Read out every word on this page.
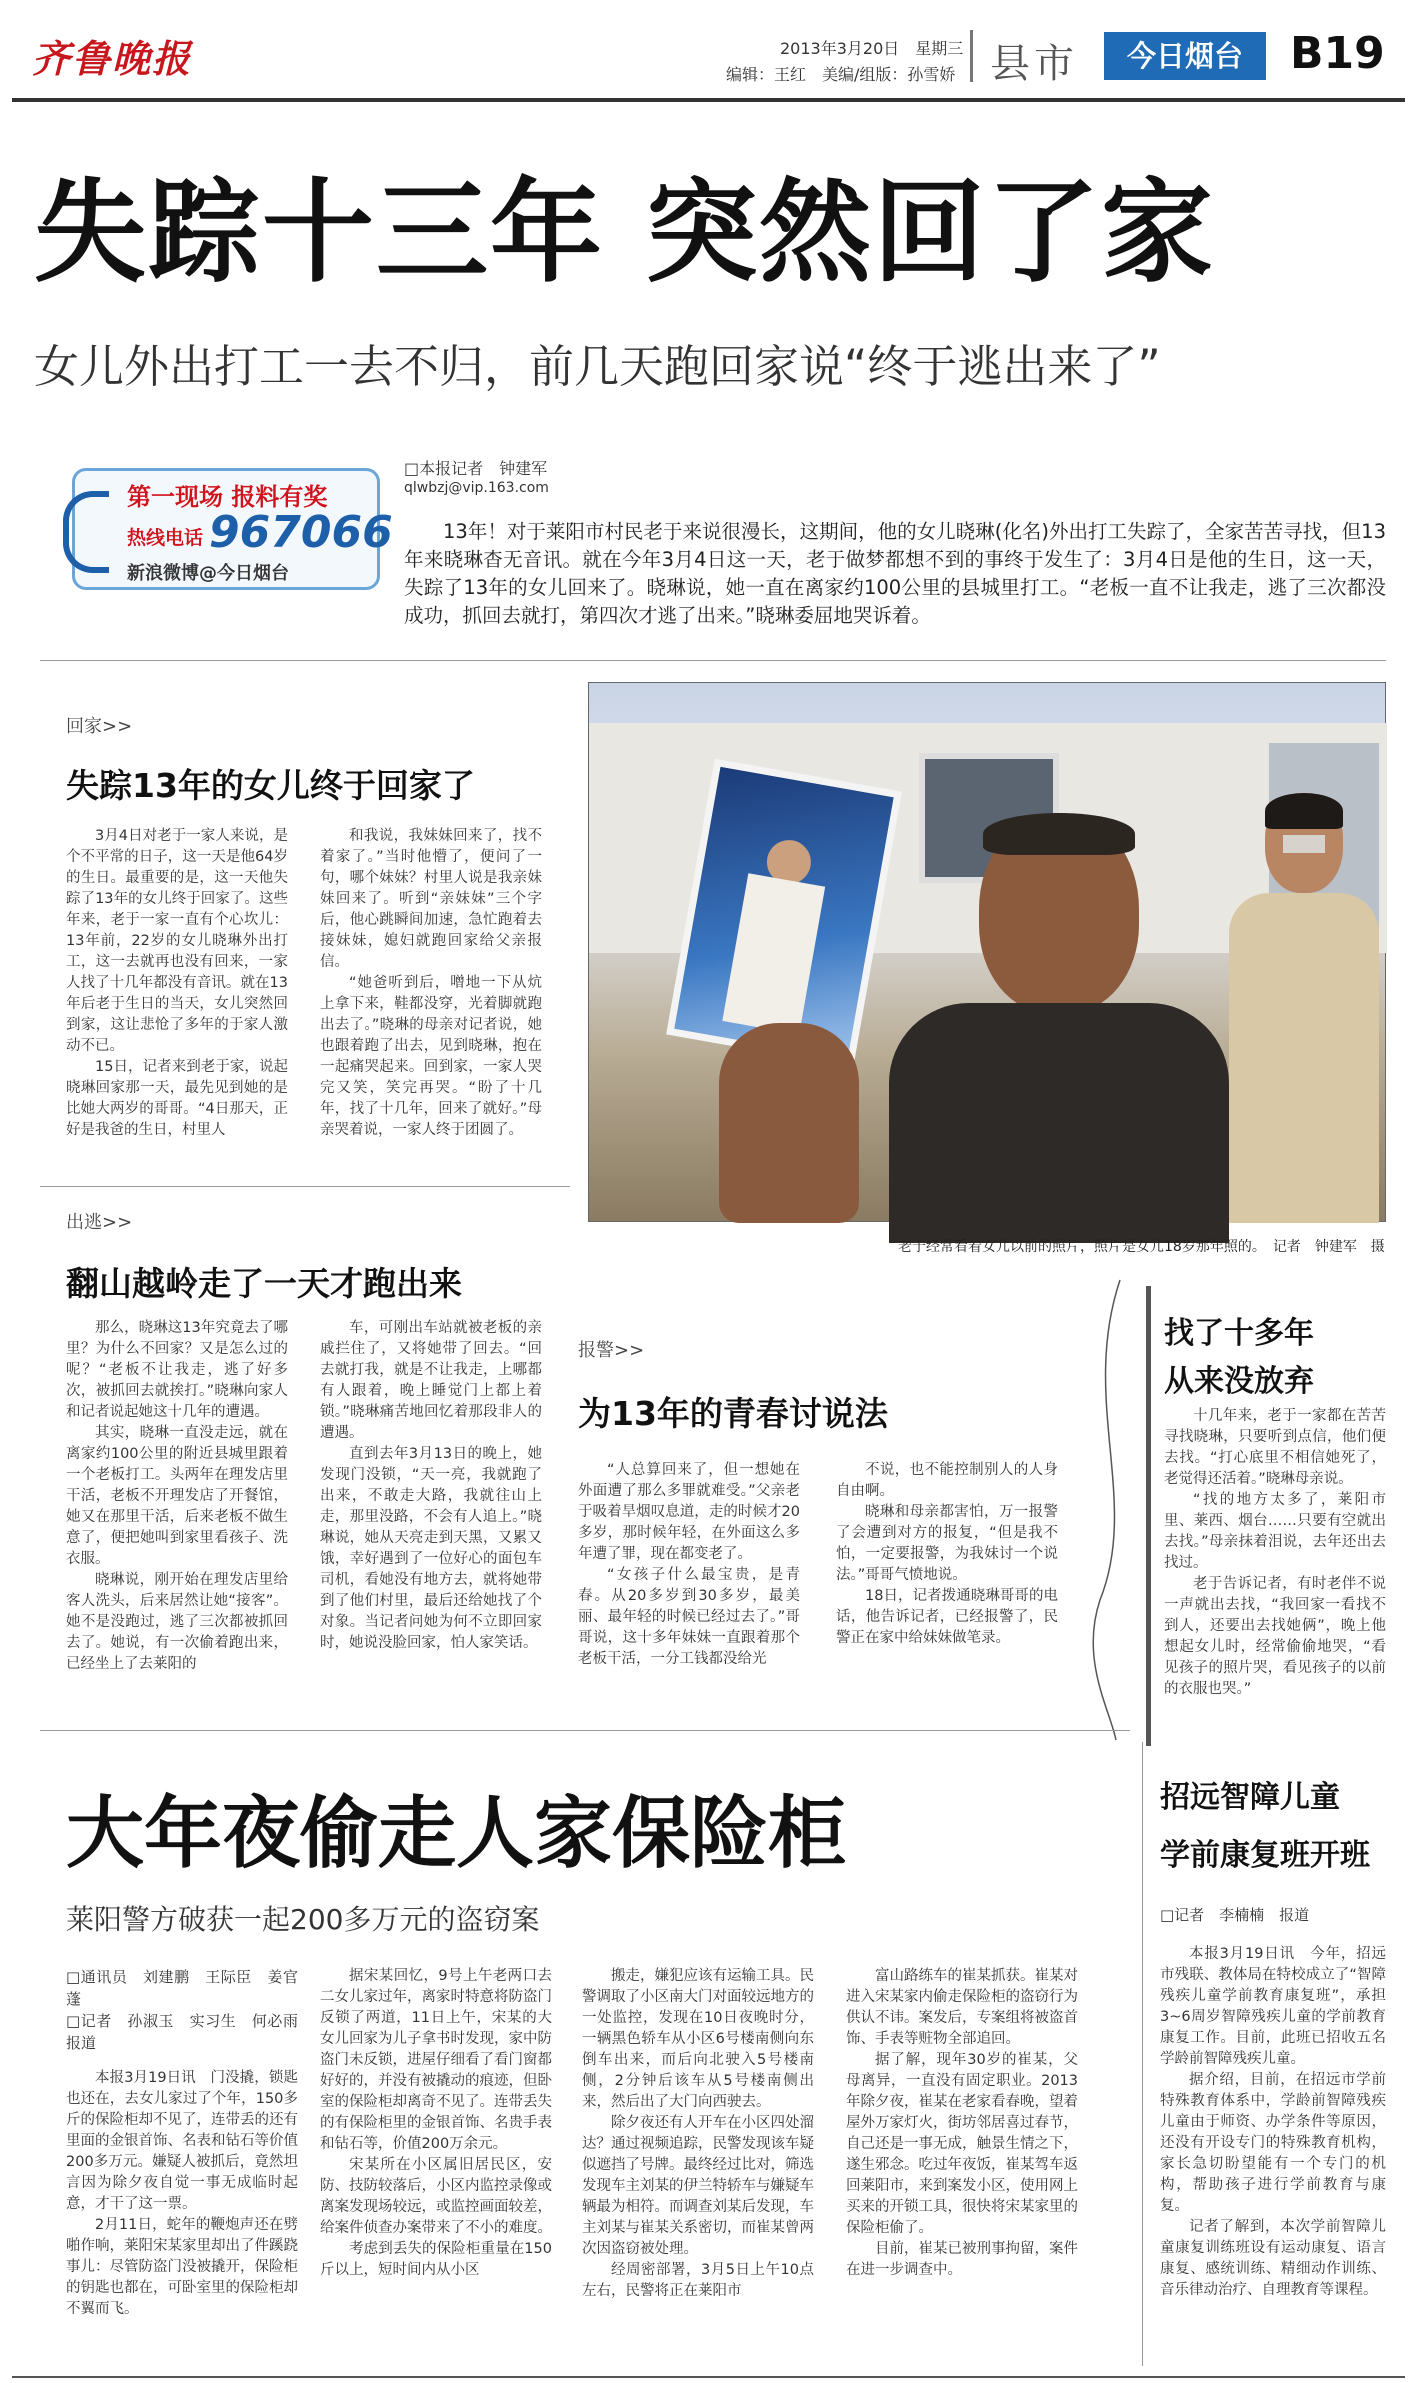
齐鲁晚报	2013年3月20日　星期三
编辑：王红　美编/组版：孙雪娇 县市	今日烟台	B19
失踪十三年 突然回了家
女儿外出打工一去不归，前几天跑回家说“终于逃出来了”
第一现场 报料有奖
热线电话 967066
新浪微博@今日烟台
□本报记者　钟建军
qlwbzj@vip.163.com
13年！对于莱阳市村民老于来说很漫长，这期间，他的女儿晓琳(化名)外出打工失踪了，全家苦苦寻找，但13年来晓琳杳无音讯。就在今年3月4日这一天，老于做梦都想不到的事终于发生了：3月4日是他的生日，这一天，失踪了13年的女儿回来了。晓琳说，她一直在离家约100公里的县城里打工。“老板一直不让我走，逃了三次都没成功，抓回去就打，第四次才逃了出来。”晓琳委屈地哭诉着。
回家>>
失踪13年的女儿终于回家了

3月4日对老于一家人来说，是个不平常的日子，这一天是他64岁的生日。最重要的是，这一天他失踪了13年的女儿终于回家了。这些年来，老于一家一直有个心坎儿：13年前，22岁的女儿晓琳外出打工，这一去就再也没有回来，一家人找了十几年都没有音讯。就在13年后老于生日的当天，女儿突然回到家，这让悲怆了多年的于家人激动不已。

15日，记者来到老于家，说起晓琳回家那一天，最先见到她的是比她大两岁的哥哥。“4日那天，正好是我爸的生日，村里人

和我说，我妹妹回来了，找不着家了。”当时他懵了，便问了一句，哪个妹妹？村里人说是我亲妹妹回来了。听到“亲妹妹”三个字后，他心跳瞬间加速，急忙跑着去接妹妹，媳妇就跑回家给父亲报信。

“她爸听到后，噌地一下从炕上拿下来，鞋都没穿，光着脚就跑出去了。”晓琳的母亲对记者说，她也跟着跑了出去，见到晓琳，抱在一起痛哭起来。回到家，一家人哭完又笑，笑完再哭。“盼了十几年，找了十几年，回来了就好。”母亲哭着说，一家人终于团圆了。

老于经常看着女儿以前的照片，照片是女儿18岁那年照的。　记者　钟建军　摄
出逃>>
翻山越岭走了一天才跑出来

那么，晓琳这13年究竟去了哪里？为什么不回家？又是怎么过的呢？“老板不让我走，逃了好多次，被抓回去就挨打。”晓琳向家人和记者说起她这十几年的遭遇。

其实，晓琳一直没走远，就在离家约100公里的附近县城里跟着一个老板打工。头两年在理发店里干活，老板不开理发店了开餐馆，她又在那里干活，后来老板不做生意了，便把她叫到家里看孩子、洗衣服。

晓琳说，刚开始在理发店里给客人洗头，后来居然让她“接客”。她不是没跑过，逃了三次都被抓回去了。她说，有一次偷着跑出来，已经坐上了去莱阳的

车，可刚出车站就被老板的亲戚拦住了，又将她带了回去。“回去就打我，就是不让我走，上哪都有人跟着，晚上睡觉门上都上着锁。”晓琳痛苦地回忆着那段非人的遭遇。

直到去年3月13日的晚上，她发现门没锁，“天一亮，我就跑了出来，不敢走大路，我就往山上走，那里没路，不会有人追上。”晓琳说，她从天亮走到天黑，又累又饿，幸好遇到了一位好心的面包车司机，看她没有地方去，就将她带到了他们村里，最后还给她找了个对象。当记者问她为何不立即回家时，她说没脸回家，怕人家笑话。

报警>>
为13年的青春讨说法

“人总算回来了，但一想她在外面遭了那么多罪就难受。”父亲老于吸着旱烟叹息道，走的时候才20多岁，那时候年轻，在外面这么多年遭了罪，现在都变老了。

“女孩子什么最宝贵，是青春。从20多岁到30多岁，最美丽、最年轻的时候已经过去了。”哥哥说，这十多年妹妹一直跟着那个老板干活，一分工钱都没给光

不说，也不能控制别人的人身自由啊。

晓琳和母亲都害怕，万一报警了会遭到对方的报复，“但是我不怕，一定要报警，为我妹讨一个说法。”哥哥气愤地说。

18日，记者拨通晓琳哥哥的电话，他告诉记者，已经报警了，民警正在家中给妹妹做笔录。

找了十多年
从来没放弃

十几年来，老于一家都在苦苦寻找晓琳，只要听到点信，他们便去找。“打心底里不相信她死了，老觉得还活着。”晓琳母亲说。

“找的地方太多了，莱阳市里、莱西、烟台……只要有空就出去找。”母亲抹着泪说，去年还出去找过。

老于告诉记者，有时老伴不说一声就出去找，“我回家一看找不到人，还要出去找她俩”，晚上他想起女儿时，经常偷偷地哭，“看见孩子的照片哭，看见孩子的以前的衣服也哭。”

大年夜偷走人家保险柜
莱阳警方破获一起200多万元的盗窃案
□通讯员　刘建鹏　王际臣　姜官蓬
□记者　孙淑玉　实习生　何必雨　报道

本报3月19日讯　门没撬，锁匙也还在，去女儿家过了个年，150多斤的保险柜却不见了，连带丢的还有里面的金银首饰、名表和钻石等价值200多万元。嫌疑人被抓后，竟然坦言因为除夕夜自觉一事无成临时起意，才干了这一票。

2月11日，蛇年的鞭炮声还在劈啪作响，莱阳宋某家里却出了件蹊跷事儿：尽管防盗门没被撬开，保险柜的钥匙也都在，可卧室里的保险柜却不翼而飞。

据宋某回忆，9号上午老两口去二女儿家过年，离家时特意将防盗门反锁了两道，11日上午，宋某的大女儿回家为儿子拿书时发现，家中防盗门未反锁，进屋仔细看了看门窗都好好的，并没有被撬动的痕迹，但卧室的保险柜却离奇不见了。连带丢失的有保险柜里的金银首饰、名贵手表和钻石等，价值200万余元。

宋某所在小区属旧居民区，安防、技防较落后，小区内监控录像或离案发现场较远，或监控画面较差，给案件侦查办案带来了不小的难度。

考虑到丢失的保险柜重量在150斤以上，短时间内从小区

搬走，嫌犯应该有运输工具。民警调取了小区南大门对面较远地方的一处监控，发现在10日夜晚时分，一辆黑色轿车从小区6号楼南侧向东倒车出来，而后向北驶入5号楼南侧，2分钟后该车从5号楼南侧出来，然后出了大门向西驶去。

除夕夜还有人开车在小区四处溜达？通过视频追踪，民警发现该车疑似遮挡了号牌。最终经过比对，筛选发现车主刘某的伊兰特轿车与嫌疑车辆最为相符。而调查刘某后发现，车主刘某与崔某关系密切，而崔某曾两次因盗窃被处理。

经周密部署，3月5日上午10点左右，民警将正在莱阳市

富山路练车的崔某抓获。崔某对进入宋某家内偷走保险柜的盗窃行为供认不讳。案发后，专案组将被盗首饰、手表等赃物全部追回。

据了解，现年30岁的崔某，父母离异，一直没有固定职业。2013年除夕夜，崔某在老家看春晚，望着屋外万家灯火，街坊邻居喜过春节，自己还是一事无成，触景生情之下，遂生邪念。吃过年夜饭，崔某驾车返回莱阳市，来到案发小区，使用网上买来的开锁工具，很快将宋某家里的保险柜偷了。

目前，崔某已被刑事拘留，案件在进一步调查中。

招远智障儿童
学前康复班开班
□记者　李楠楠　报道

本报3月19日讯　今年，招远市残联、教体局在特校成立了“智障残疾儿童学前教育康复班”，承担3~6周岁智障残疾儿童的学前教育康复工作。目前，此班已招收五名学龄前智障残疾儿童。

据介绍，目前，在招远市学前特殊教育体系中，学龄前智障残疾儿童由于师资、办学条件等原因，还没有开设专门的特殊教育机构，家长急切盼望能有一个专门的机构，帮助孩子进行学前教育与康复。

记者了解到，本次学前智障儿童康复训练班设有运动康复、语言康复、感统训练、精细动作训练、音乐律动治疗、自理教育等课程。
